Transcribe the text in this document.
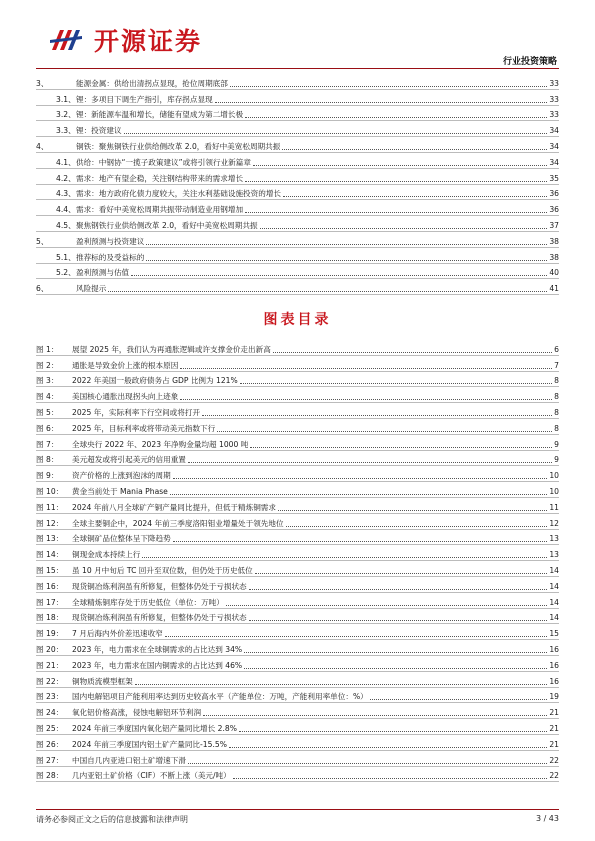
开源证券
行业投资策略
3、	能源金属：供给出清拐点显现，抢位周期底部	33
3.1、 锂：多项目下调生产指引，库存拐点显现	33
3.2、 锂：新能源车温和增长，储能有望成为第二增长极	33
3.3、 锂：投资建议	34
4、	铜铁：聚焦铜铁行业供给侧改革 2.0，看好中美宽松周期共振	34
4.1、 供给：中钢协“一揽子政策建议”或将引领行业新篇章	34
4.2、 需求：地产有望企稳，关注钢结构带来的需求增长	35
4.3、 需求：地方政府化债力度较大，关注水利基础设施投资的增长	36
4.4、 需求：看好中美宽松周期共振带动制造业用钢增加	36
4.5、 聚焦钢铁行业供给侧改革 2.0，看好中美宽松周期共振	37
5、	盈利预测与投资建议	38
5.1、 推荐标的及受益标的	38
5.2、 盈利预测与估值	40
6、	风险提示	41
图表目录
图 1：	展望 2025 年，我们认为再通胀逻辑或许支撑金价走出新高	6
图 2：	通胀是导致金价上涨的根本原因	7
图 3：	2022 年美国一般政府债务占 GDP 比例为 121%	8
图 4：	美国核心通胀出现拐头向上迹象	8
图 5：	2025 年，实际利率下行空间或将打开	8
图 6：	2025 年，目标利率或将带动美元指数下行	8
图 7：	全球央行 2022 年、2023 年净购金量均超 1000 吨	9
图 8：	美元超发或将引起美元的信用重置	9
图 9：	资产价格的上涨到泡沫的周期	10
图 10：	黄金当前处于 Mania Phase	10
图 11：	2024 年前八月全球矿产铜产量同比提升，但低于精炼铜需求	11
图 12：	全球主要铜企中，2024 年前三季度洛阳钼业增量处于领先地位	12
图 13：	全球铜矿品位整体呈下降趋势	13
图 14：	铜现金成本持续上行	13
图 15：	虽 10 月中旬后 TC 回升至双位数，但仍处于历史低位	14
图 16：	现货铜冶炼利润虽有所修复，但整体仍处于亏损状态	14
图 17：	全球精炼铜库存处于历史低位（单位：万吨）	14
图 18：	现货铜冶炼利润虽有所修复，但整体仍处于亏损状态	14
图 19：	7 月后海内外价差迅速收窄	15
图 20：	2023 年，电力需求在全球铜需求的占比达到 34%	16
图 21：	2023 年，电力需求在国内铜需求的占比达到 46%	16
图 22：	铜物质流模型框架	16
图 23：	国内电解铝项目产能利用率达到历史较高水平（产能单位：万吨，产能利用率单位：%）	19
图 24：	氧化铝价格高涨，侵蚀电解铝环节利润	21
图 25：	2024 年前三季度国内氧化铝产量同比增长 2.8%	21
图 26：	2024 年前三季度国内铝土矿产量同比-15.5%	21
图 27：	中国自几内亚进口铝土矿增速下滑	22
图 28：	几内亚铝土矿价格（CIF）不断上涨（美元/吨）	22
请务必参阅正文之后的信息披露和法律声明	3 / 43
